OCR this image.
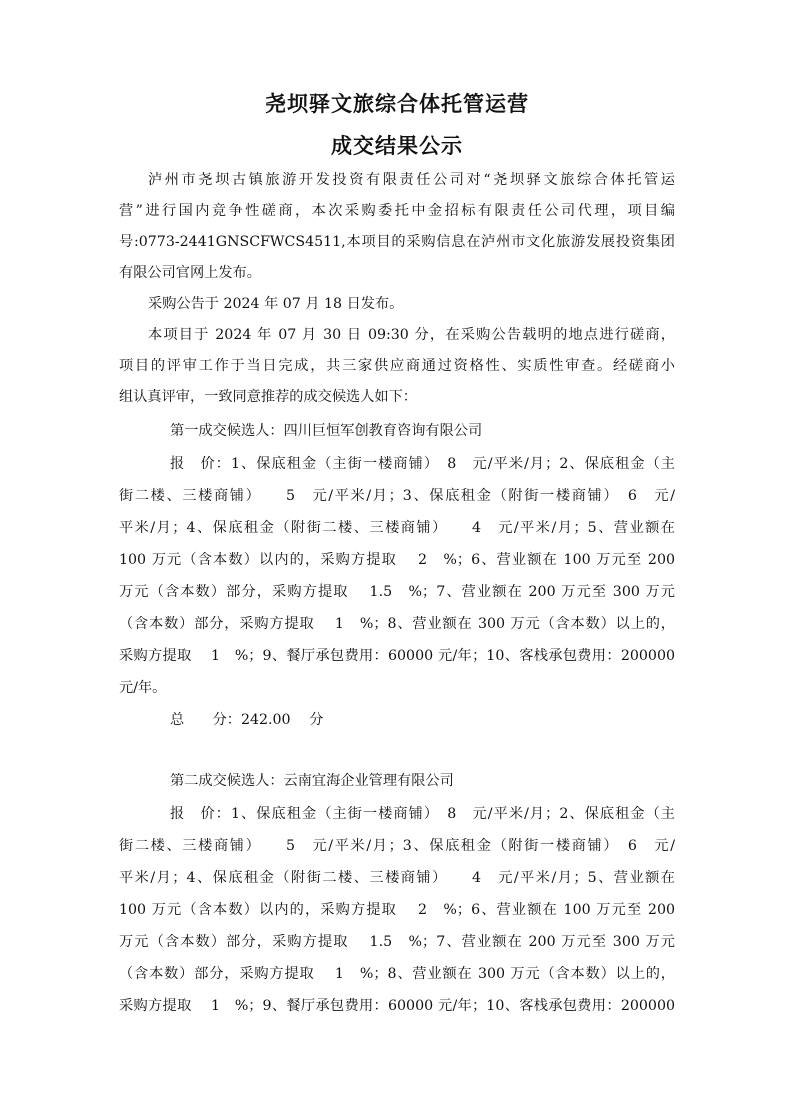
尧坝驿文旅综合体托管运营
成交结果公示
泸州市尧坝古镇旅游开发投资有限责任公司对“尧坝驿文旅综合体托管运
营”进行国内竞争性磋商，本次采购委托中金招标有限责任公司代理，项目编
号:0773-2441GNSCFWCS4511,本项目的采购信息在泸州市文化旅游发展投资集团
有限公司官网上发布。
采购公告于 2024 年 07 月 18 日发布。
本项目于 2024 年 07 月 30 日 09:30 分，在采购公告载明的地点进行磋商，
项目的评审工作于当日完成，共三家供应商通过资格性、实质性审查。经磋商小
组认真评审，一致同意推荐的成交候选人如下：
第一成交候选人：四川巨恒军创教育咨询有限公司
报　价：1、保底租金（主街一楼商铺）　8　元/平米/月；2、保底租金（主
街二楼、三楼商铺）　　5　元/平米/月；3、保底租金（附街一楼商铺）　6　元/
平米/月；4、保底租金（附街二楼、三楼商铺）　　4　元/平米/月；5、营业额在
100 万元（含本数）以内的，采购方提取　 2　%；6、营业额在 100 万元至 200
万元（含本数）部分，采购方提取　 1.5　%；7、营业额在 200 万元至 300 万元
（含本数）部分，采购方提取　 1　%；8、营业额在 300 万元（含本数）以上的，
采购方提取　 1　%；9、餐厅承包费用：60000 元/年；10、客栈承包费用：200000
元/年。
总　　分：242.00　 分
第二成交候选人：云南宜海企业管理有限公司
报　价：1、保底租金（主街一楼商铺）　8　元/平米/月；2、保底租金（主
街二楼、三楼商铺）　　5　元/平米/月；3、保底租金（附街一楼商铺）　6　元/
平米/月；4、保底租金（附街二楼、三楼商铺）　　4　元/平米/月；5、营业额在
100 万元（含本数）以内的，采购方提取　 2　%；6、营业额在 100 万元至 200
万元（含本数）部分，采购方提取　 1.5　%；7、营业额在 200 万元至 300 万元
（含本数）部分，采购方提取　 1　%；8、营业额在 300 万元（含本数）以上的，
采购方提取　 1　%；9、餐厅承包费用：60000 元/年；10、客栈承包费用：200000
